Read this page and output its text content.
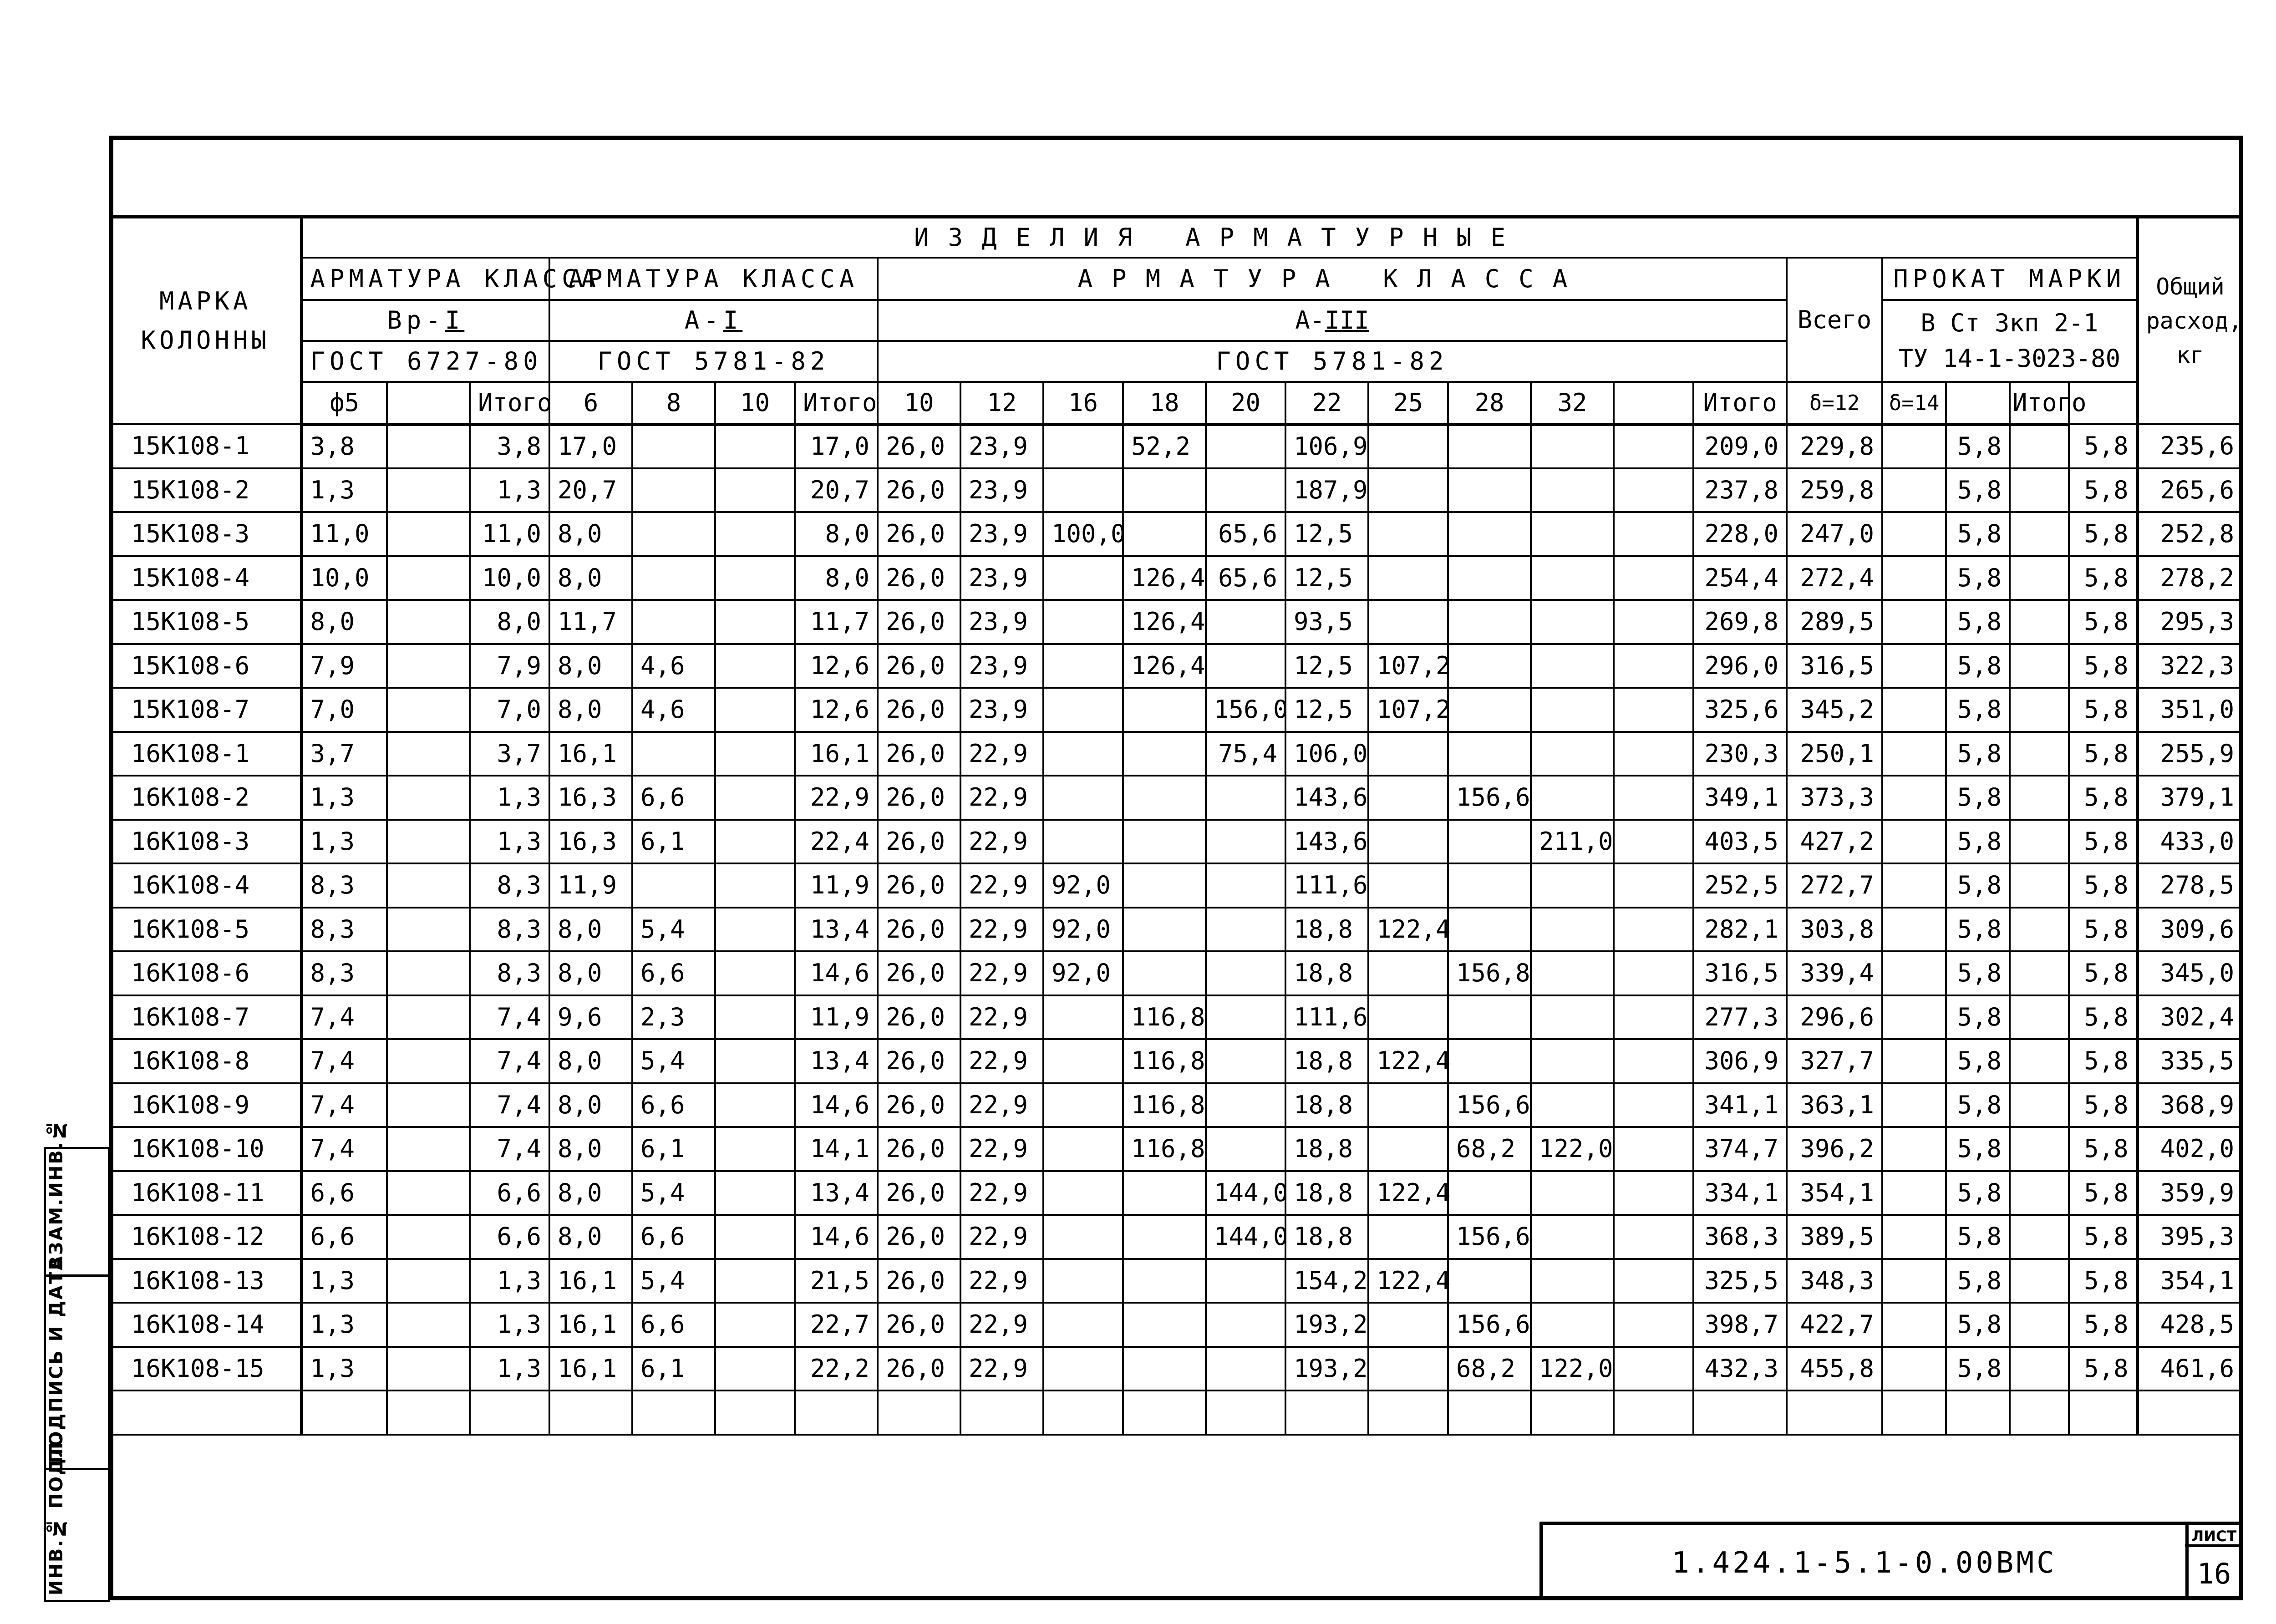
МАРКА КОЛОННЫ	ИЗДЕЛИЯ АРМАТУРНЫЕ																							Общий расход, кг
	АРМАТУРА КЛАССА			АРМАТУРА КЛАССА				АРМАТУРА КЛАССА											Всего	ПРОКАТ МАРКИ				
	Вр-I			А-I				А-III												В Ст 3кп 2-1
ТУ 14-1-3023-80				

	ГОСТ 6727-80			ГОСТ 5781-82				ГОСТ 5781-82																
	ф5		Итого	6	8	10	Итого	10	12	16	18	20	22	25	28	32		Итого	δ=12	δ=14		Итого		
15К108-1	3,8		3,8	17,0			17,0	26,0	23,9		52,2		106,9					209,0	229,8		5,8		5,8	235,6
15К108-2	1,3		1,3	20,7			20,7	26,0	23,9				187,9					237,8	259,8		5,8		5,8	265,6
15К108-3	11,0		11,0	8,0			8,0	26,0	23,9	100,0		65,6	12,5					228,0	247,0		5,8		5,8	252,8
15К108-4	10,0		10,0	8,0			8,0	26,0	23,9		126,4	65,6	12,5					254,4	272,4		5,8		5,8	278,2
15К108-5	8,0		8,0	11,7			11,7	26,0	23,9		126,4		93,5					269,8	289,5		5,8		5,8	295,3
15К108-6	7,9		7,9	8,0	4,6		12,6	26,0	23,9		126,4		12,5	107,2				296,0	316,5		5,8		5,8	322,3
15К108-7	7,0		7,0	8,0	4,6		12,6	26,0	23,9			156,0	12,5	107,2				325,6	345,2		5,8		5,8	351,0
16К108-1	3,7		3,7	16,1			16,1	26,0	22,9			75,4	106,0					230,3	250,1		5,8		5,8	255,9
16К108-2	1,3		1,3	16,3	6,6		22,9	26,0	22,9				143,6		156,6			349,1	373,3		5,8		5,8	379,1
16К108-3	1,3		1,3	16,3	6,1		22,4	26,0	22,9				143,6			211,0		403,5	427,2		5,8		5,8	433,0
16К108-4	8,3		8,3	11,9			11,9	26,0	22,9	92,0			111,6					252,5	272,7		5,8		5,8	278,5
16К108-5	8,3		8,3	8,0	5,4		13,4	26,0	22,9	92,0			18,8	122,4				282,1	303,8		5,8		5,8	309,6
16К108-6	8,3		8,3	8,0	6,6		14,6	26,0	22,9	92,0			18,8		156,8			316,5	339,4		5,8		5,8	345,0
16К108-7	7,4		7,4	9,6	2,3		11,9	26,0	22,9		116,8		111,6					277,3	296,6		5,8		5,8	302,4
16К108-8	7,4		7,4	8,0	5,4		13,4	26,0	22,9		116,8		18,8	122,4				306,9	327,7		5,8		5,8	335,5
16К108-9	7,4		7,4	8,0	6,6		14,6	26,0	22,9		116,8		18,8		156,6			341,1	363,1		5,8		5,8	368,9
16К108-10	7,4		7,4	8,0	6,1		14,1	26,0	22,9		116,8		18,8		68,2	122,0		374,7	396,2		5,8		5,8	402,0
16К108-11	6,6		6,6	8,0	5,4		13,4	26,0	22,9			144,0	18,8	122,4				334,1	354,1		5,8		5,8	359,9
16К108-12	6,6		6,6	8,0	6,6		14,6	26,0	22,9			144,0	18,8		156,6			368,3	389,5		5,8		5,8	395,3
16К108-13	1,3		1,3	16,1	5,4		21,5	26,0	22,9				154,2	122,4				325,5	348,3		5,8		5,8	354,1
16К108-14	1,3		1,3	16,1	6,6		22,7	26,0	22,9				193,2		156,6			398,7	422,7		5,8		5,8	428,5
16К108-15	1,3		1,3	16,1	6,1		22,2	26,0	22,9				193,2		68,2	122,0		432,3	455,8		5,8		5,8	461,6

ВЗАМ.ИНВ.№
ПОДПИСЬ И ДАТА
ИНВ.№ ПОДЛ.	1.424.1-5.1-0.00ВМС
ЛИСТ
16
